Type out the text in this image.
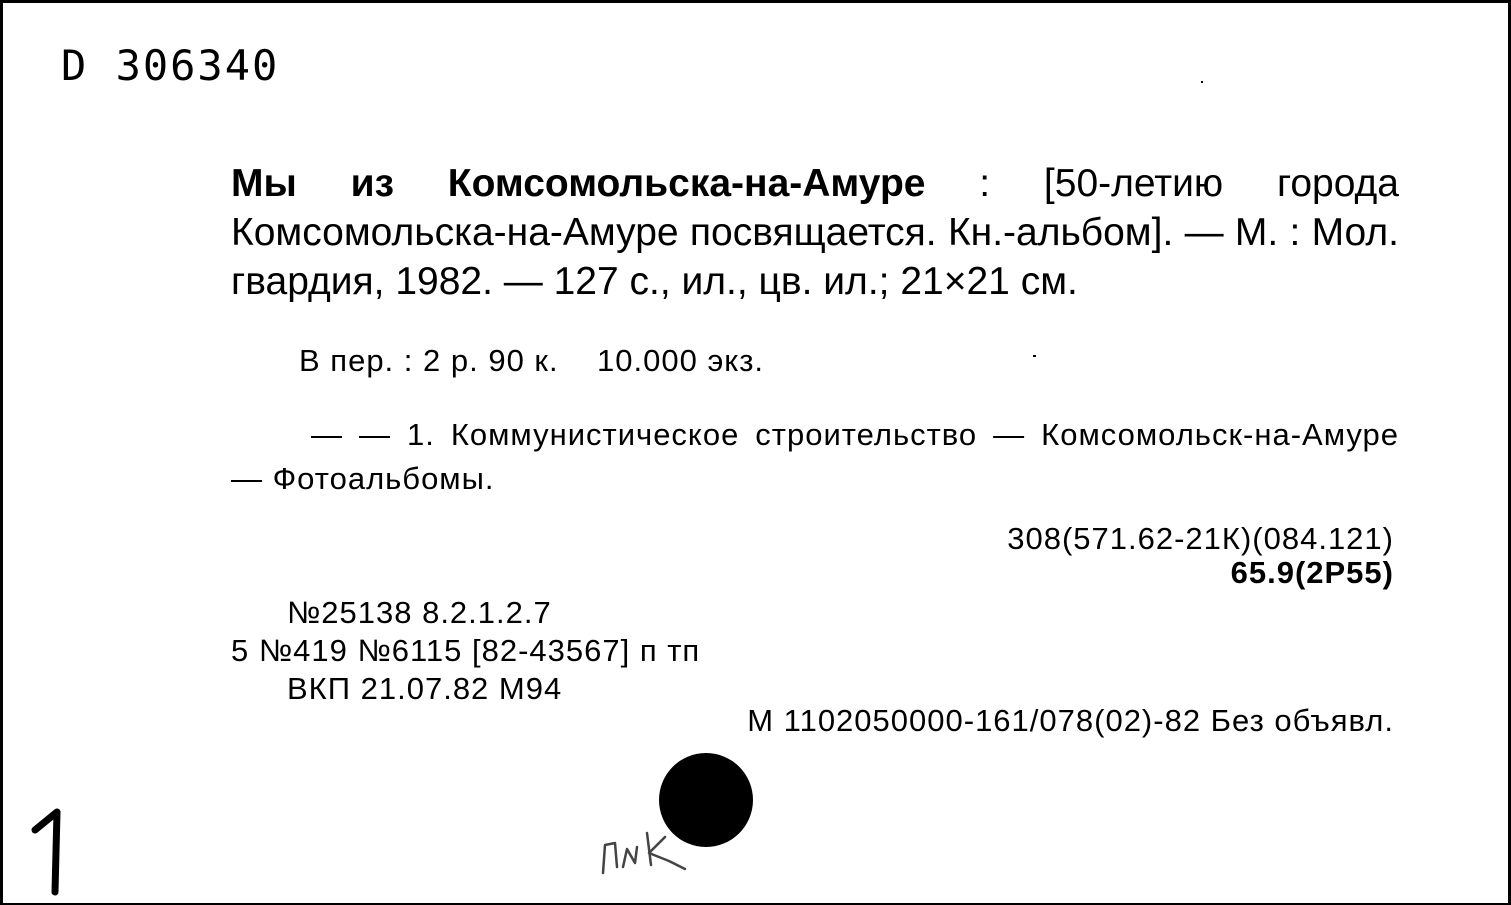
D 306340
Мы из Комсомольска-на-Амуре : [50-летию города Комсомольска-на-Амуре посвящается. Кн.-альбом]. — М. : Мол. гвардия, 1982. — 127 с., ил., цв. ил.; 21×21 см.
В пер. : 2 р. 90 к.    10.000 экз.
— — 1. Коммунистическое строительство — Комсомольск-на-Амуре — Фотоальбомы.
308(571.62-21К)(084.121)
65.9(2Р55)
№25138 8.2.1.2.7
5 №419 №6115 [82-43567] п тп
ВКП 21.07.82 М94
М 1102050000-161/078(02)-82 Без объявл.
